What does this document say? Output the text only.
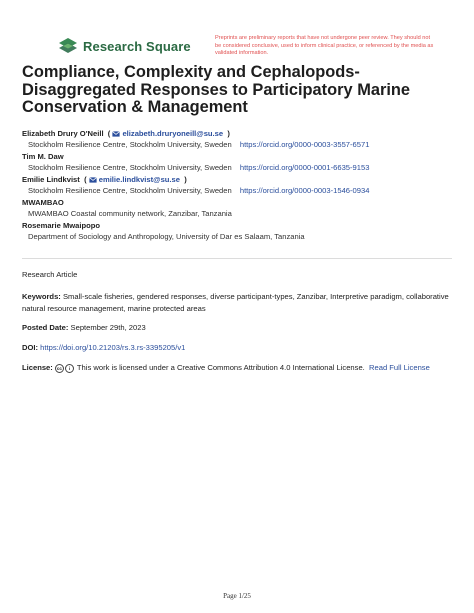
Research Square
Preprints are preliminary reports that have not undergone peer review. They should not be considered conclusive, used to inform clinical practice, or referenced by the media as validated information.
Compliance, Complexity and Cephalopods- Disaggregated Responses to Participatory Marine Conservation & Management
Elizabeth Drury O'Neill  ( elizabeth.druryoneill@su.se  )
Stockholm Resilience Centre, Stockholm University, Sweden https://orcid.org/0000-0003-3557-6571
Tim M. Daw
Stockholm Resilience Centre, Stockholm University, Sweden https://orcid.org/0000-0001-6635-9153
Emilie Lindkvist  ( emilie.lindkvist@su.se  )
Stockholm Resilience Centre, Stockholm University, Sweden https://orcid.org/0000-0003-1546-0934
MWAMBAO
MWAMBAO Coastal community network, Zanzibar, Tanzania
Rosemarie Mwaipopo
Department of Sociology and Anthropology, University of Dar es Salaam, Tanzania
Research Article
Keywords: Small-scale fisheries, gendered responses, diverse participant-types, Zanzibar, Interpretive paradigm, collaborative natural resource management, marine protected areas
Posted Date: September 29th, 2023
DOI: https://doi.org/10.21203/rs.3.rs-3395205/v1
License: cc i This work is licensed under a Creative Commons Attribution 4.0 International License. Read Full License
Page 1/25
